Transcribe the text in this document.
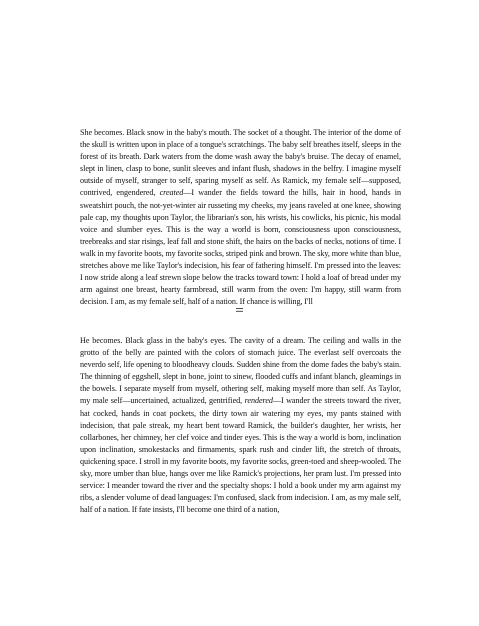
She becomes. Black snow in the baby's mouth. The socket of a thought. The interior of the dome of the skull is written upon in place of a tongue's scratchings. The baby self breathes itself, sleeps in the forest of its breath. Dark waters from the dome wash away the baby's bruise. The decay of enamel, slept in linen, clasp to bone, sunlit sleeves and infant flush, shadows in the belfry. I imagine myself outside of myself, stranger to self, sparing myself as self. As Ramick, my female self—supposed, contrived, engendered, created—I wander the fields toward the hills, hair in hood, hands in sweatshirt pouch, the not-yet-winter air russeting my cheeks, my jeans raveled at one knee, showing pale cap, my thoughts upon Taylor, the librarian's son, his wrists, his cowlicks, his picnic, his modal voice and slumber eyes. This is the way a world is born, consciousness upon consciousness, treebreaks and star risings, leaf fall and stone shift, the hairs on the backs of necks, notions of time. I walk in my favorite boots, my favorite socks, striped pink and brown. The sky, more white than blue, stretches above me like Taylor's indecision, his fear of fathering himself. I'm pressed into the leaves: I now stride along a leaf strewn slope below the tracks toward town: I hold a loaf of bread under my arm against one breast, hearty farmbread, still warm from the oven: I'm happy, still warm from decision. I am, as my female self, half of a nation. If chance is willing, I'll

=

He becomes. Black glass in the baby's eyes. The cavity of a dream. The ceiling and walls in the grotto of the belly are painted with the colors of stomach juice. The everlast self overcoats the neverdo self, life opening to bloodheavy clouds. Sudden shine from the dome fades the baby's stain. The thinning of eggshell, slept in bone, joint to sinew, flooded cuffs and infant blanch, gleamings in the bowels. I separate myself from myself, othering self, making myself more than self. As Taylor, my male self—uncertained, actualized, gentrified, rendered—I wander the streets toward the river, hat cocked, hands in coat pockets, the dirty town air watering my eyes, my pants stained with indecision, that pale streak, my heart bent toward Ramick, the builder's daughter, her wrists, her collarbones, her chimney, her clef voice and tinder eyes. This is the way a world is born, inclination upon inclination, smokestacks and firmaments, spark rush and cinder lift, the stretch of throats, quickening space. I stroll in my favorite boots, my favorite socks, green-toed and sheep-wooled. The sky, more umber than blue, hangs over me like Ramick's projections, her pram lust. I'm pressed into service: I meander toward the river and the specialty shops: I hold a book under my arm against my ribs, a slender volume of dead languages: I'm confused, slack from indecision. I am, as my male self, half of a nation. If fate insists, I'll become one third of a nation,
